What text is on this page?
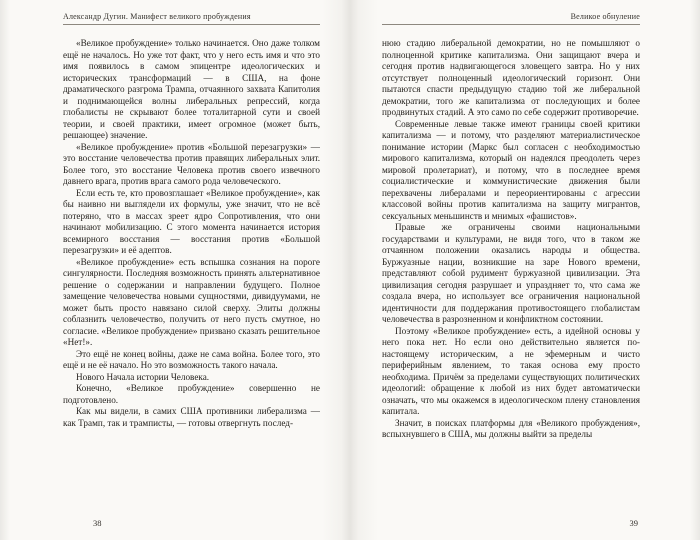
Александр Дугин. Манифест великого пробуждения

«Великое пробуждение» только начинается. Оно даже толком ещё не началось. Но уже тот факт, что у него есть имя и что это имя появилось в самом эпицентре идеологических и исторических трансформаций — в США, на фоне драматического разгрома Трампа, отчаянного захвата Капитолия и поднимающейся волны либеральных репрессий, когда глобалисты не скрывают более тоталитарной сути и своей теории, и своей практики, имеет огромное (может быть, решающее) значение.

«Великое пробуждение» против «Большой перезагрузки» — это восстание человечества против правящих либеральных элит. Более того, это восстание Человека против своего извечного давнего врага, против врага самого рода человеческого.

Если есть те, кто провозглашает «Великое пробуждение», как бы наивно ни выглядели их формулы, уже значит, что не всё потеряно, что в массах зреет ядро Сопротивления, что они начинают мобилизацию. С этого момента начинается история всемирного восстания — восстания против «Большой перезагрузки» и её адептов.

«Великое пробуждение» есть вспышка сознания на пороге сингулярности. Последняя возможность принять альтернативное решение о содержании и направлении будущего. Полное замещение человечества новыми сущностями, дивидуумами, не может быть просто навязано силой сверху. Элиты должны соблазнить человечество, получить от него пусть смутное, но согласие. «Великое пробуждение» призвано сказать решительное «Нет!».

Это ещё не конец войны, даже не сама война. Более того, это ещё и не её начало. Но это возможность такого начала.

Нового Начала истории Человека.

Конечно, «Великое пробуждение» совершенно не подготовлено.

Как мы видели, в самих США противники либерализма — как Трамп, так и трамписты, — готовы отвергнуть послед-

38
Великое обнуление

нюю стадию либеральной демократии, но не помышляют о полноценной критике капитализма. Они защищают вчера и сегодня против надвигающегося зловещего завтра. Но у них отсутствует полноценный идеологический горизонт. Они пытаются спасти предыдущую стадию той же либеральной демократии, того же капитализма от последующих и более продвинутых стадий. А это само по себе содержит противоречие.

Современные левые также имеют границы своей критики капитализма — и потому, что разделяют материалистическое понимание истории (Маркс был согласен с необходимостью мирового капитализма, который он надеялся преодолеть через мировой пролетариат), и потому, что в последнее время социалистические и коммунистические движения были перехвачены либералами и переориентированы с агрессии классовой войны против капитализма на защиту мигрантов, сексуальных меньшинств и мнимых «фашистов».

Правые же ограничены своими национальными государствами и культурами, не видя того, что в таком же отчаянном положении оказались народы и общества. Буржуазные нации, возникшие на заре Нового времени, представляют собой рудимент буржуазной цивилизации. Эта цивилизация сегодня разрушает и упраздняет то, что сама же создала вчера, но использует все ограничения национальной идентичности для поддержания противостоящего глобалистам человечества в разрозненном и конфликтном состоянии.

Поэтому «Великое пробуждение» есть, а идейной основы у него пока нет. Но если оно действительно является по-настоящему историческим, а не эфемерным и чисто периферийным явлением, то такая основа ему просто необходима. Причём за пределами существующих политических идеологий: обращение к любой из них будет автоматически означать, что мы окажемся в идеологическом плену становления капитала.

Значит, в поисках платформы для «Великого пробуждения», вспыхнувшего в США, мы должны выйти за пределы

39
